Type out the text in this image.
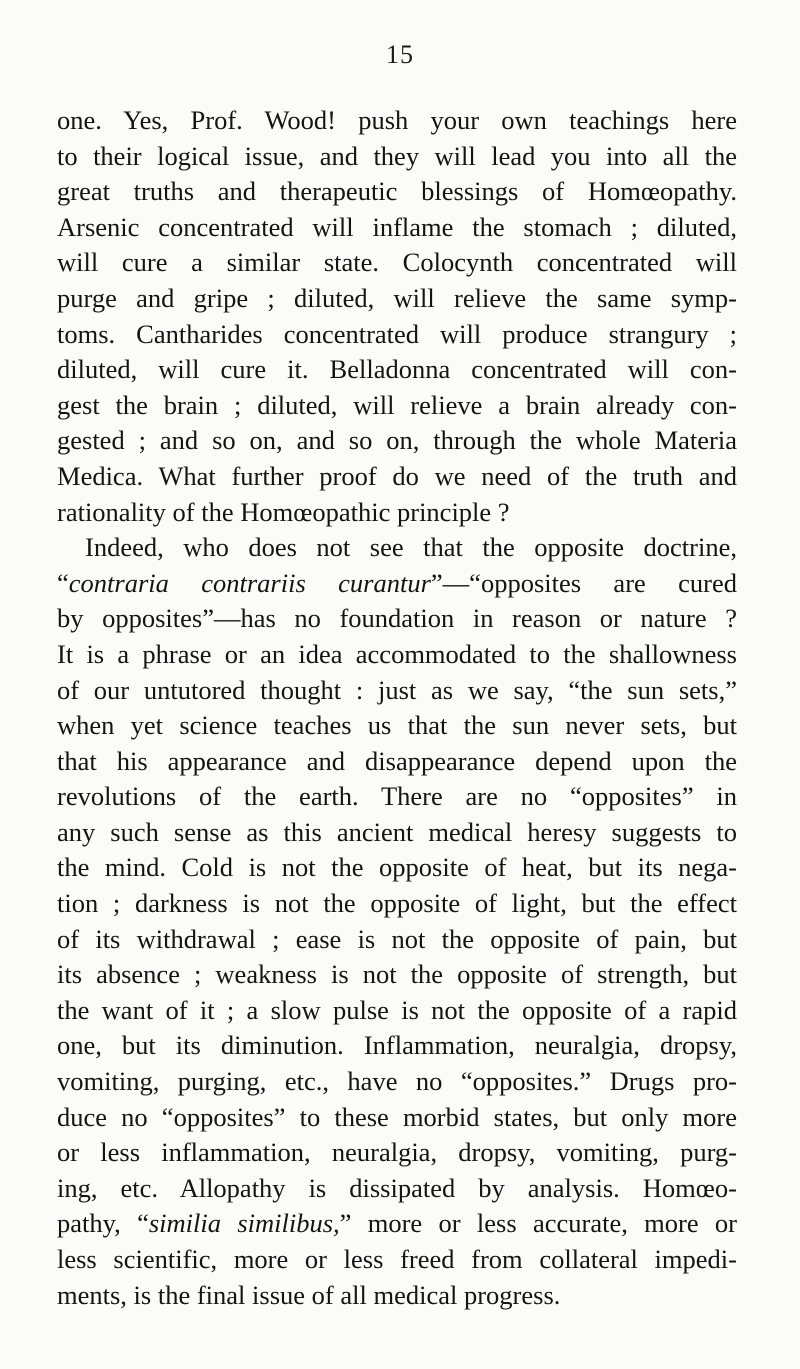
15
one. Yes, Prof. Wood! push your own teachings here
to their logical issue, and they will lead you into all the
great truths and therapeutic blessings of Homœopathy.
Arsenic concentrated will inflame the stomach ; diluted,
will cure a similar state. Colocynth concentrated will
purge and gripe ; diluted, will relieve the same symp-
toms. Cantharides concentrated will produce strangury ;
diluted, will cure it. Belladonna concentrated will con-
gest the brain ; diluted, will relieve a brain already con-
gested ; and so on, and so on, through the whole Materia
Medica. What further proof do we need of the truth and
rationality of the Homœopathic principle ?
Indeed, who does not see that the opposite doctrine,
“contraria contrariis curantur”—“opposites are cured
by opposites”—has no foundation in reason or nature ?
It is a phrase or an idea accommodated to the shallowness
of our untutored thought : just as we say, “the sun sets,”
when yet science teaches us that the sun never sets, but
that his appearance and disappearance depend upon the
revolutions of the earth. There are no “opposites” in
any such sense as this ancient medical heresy suggests to
the mind. Cold is not the opposite of heat, but its nega-
tion ; darkness is not the opposite of light, but the effect
of its withdrawal ; ease is not the opposite of pain, but
its absence ; weakness is not the opposite of strength, but
the want of it ; a slow pulse is not the opposite of a rapid
one, but its diminution. Inflammation, neuralgia, dropsy,
vomiting, purging, etc., have no “opposites.” Drugs pro-
duce no “opposites” to these morbid states, but only more
or less inflammation, neuralgia, dropsy, vomiting, purg-
ing, etc. Allopathy is dissipated by analysis. Homœo-
pathy, “similia similibus,” more or less accurate, more or
less scientific, more or less freed from collateral impedi-
ments, is the final issue of all medical progress.
